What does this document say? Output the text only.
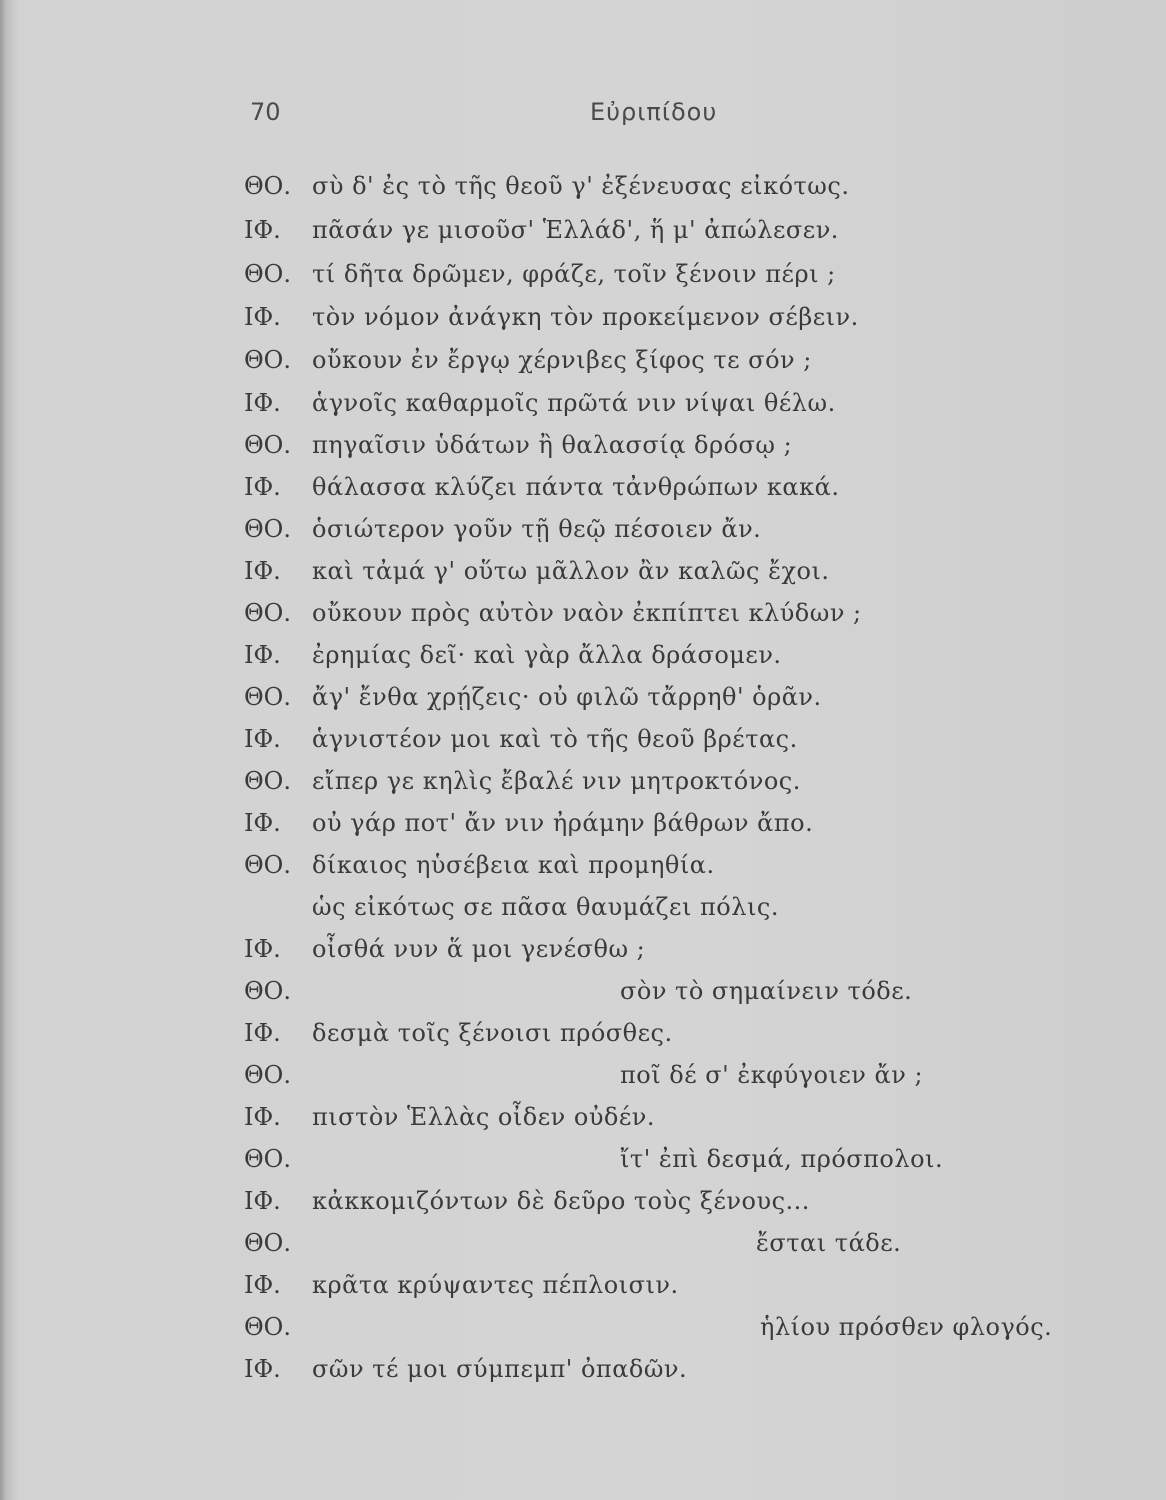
70	Εὐριπίδου
ΘΟ. σὺ δ' ἐς τὸ τῆς θεοῦ γ' ἐξένευσας εἰκότως.
ΙΦ.	πᾶσάν γε μισοῦσ' Ἑλλάδ', ἥ μ' ἀπώλεσεν.
ΘΟ. τί δῆτα δρῶμεν, φράζε, τοῖν ξένοιν πέρι ;
ΙΦ.	τὸν νόμον ἀνάγκη τὸν προκείμενον σέβειν.
ΘΟ. οὔκουν ἐν ἔργῳ χέρνιβες ξίφος τε σόν ;
ΙΦ.	ἁγνοῖς καθαρμοῖς πρῶτά νιν νίψαι θέλω.
ΘΟ. πηγαῖσιν ὑδάτων ἢ θαλασσίᾳ δρόσῳ ;
ΙΦ.	θάλασσα κλύζει πάντα τἀνθρώπων κακά.
ΘΟ. ὁσιώτερον γοῦν τῇ θεῷ πέσοιεν ἄν.
ΙΦ.	καὶ τἀμά γ' οὕτω μᾶλλον ἂν καλῶς ἔχοι.
ΘΟ. οὔκουν πρὸς αὐτὸν ναὸν ἐκπίπτει κλύδων ;
ΙΦ.	ἐρημίας δεῖ· καὶ γὰρ ἄλλα δράσομεν.
ΘΟ. ἄγ' ἔνθα χρῄζεις· οὐ φιλῶ τἄρρηθ' ὁρᾶν.
ΙΦ.	ἁγνιστέον μοι καὶ τὸ τῆς θεοῦ βρέτας.
ΘΟ. εἴπερ γε κηλὶς ἔβαλέ νιν μητροκτόνος.
ΙΦ.	οὐ γάρ ποτ' ἄν νιν ἠράμην βάθρων ἄπο.
ΘΟ. δίκαιος ηὑσέβεια καὶ προμηθία.
ὡς εἰκότως σε πᾶσα θαυμάζει πόλις.
ΙΦ.	οἶσθά νυν ἅ μοι γενέσθω ;
ΘΟ.	σὸν τὸ σημαίνειν τόδε.
ΙΦ.	δεσμὰ τοῖς ξένοισι πρόσθες.
ΘΟ.	ποῖ δέ σ' ἐκφύγοιεν ἄν ;
ΙΦ.	πιστὸν Ἑλλὰς οἶδεν οὐδέν.
ΘΟ.	ἴτ' ἐπὶ δεσμά, πρόσπολοι.
ΙΦ.	κἀκκομιζόντων δὲ δεῦρο τοὺς ξένους...
ΘΟ.	ἔσται τάδε.
ΙΦ.	κρᾶτα κρύψαντες πέπλοισιν.
ΘΟ.	ἡλίου πρόσθεν φλογός.
ΙΦ.	σῶν τέ μοι σύμπεμπ' ὀπαδῶν.
